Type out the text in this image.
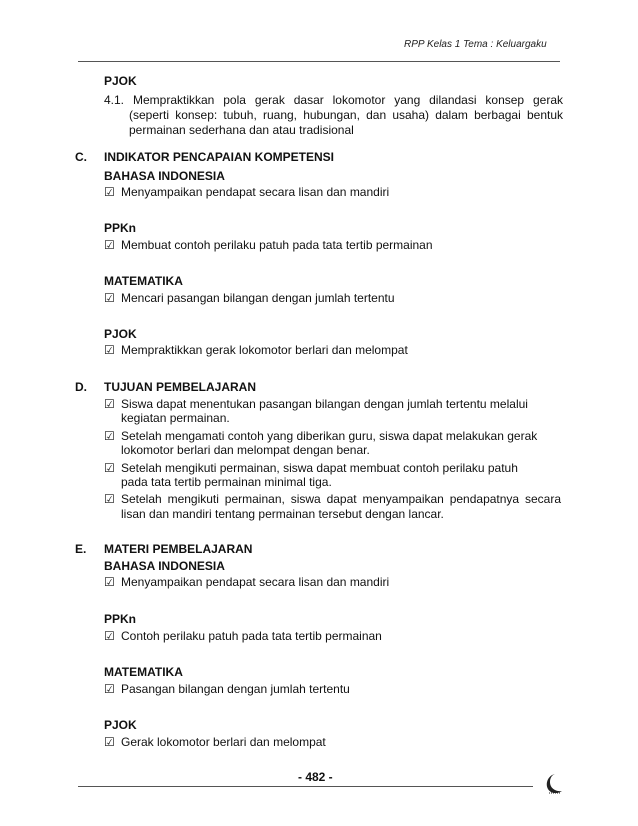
RPP Kelas 1 Tema : Keluargaku
PJOK
4.1. Mempraktikkan pola gerak dasar lokomotor yang dilandasi konsep gerak
(seperti konsep: tubuh, ruang, hubungan, dan usaha) dalam berbagai bentuk
permainan sederhana dan atau tradisional
C. INDIKATOR PENCAPAIAN KOMPETENSI
BAHASA INDONESIA
☑ Menyampaikan pendapat secara lisan dan mandiri
PPKn
☑ Membuat contoh perilaku patuh pada tata tertib permainan
MATEMATIKA
☑ Mencari pasangan bilangan dengan jumlah tertentu
PJOK
☑ Mempraktikkan gerak lokomotor berlari dan melompat
D. TUJUAN PEMBELAJARAN
☑ Siswa dapat menentukan pasangan bilangan dengan jumlah tertentu melalui
kegiatan permainan.
☑ Setelah mengamati contoh yang diberikan guru, siswa dapat melakukan gerak
lokomotor berlari dan melompat dengan benar.
☑ Setelah mengikuti permainan, siswa dapat membuat contoh perilaku patuh
pada tata tertib permainan minimal tiga.
☑ Setelah mengikuti permainan, siswa dapat menyampaikan pendapatnya secara
lisan dan mandiri tentang permainan tersebut dengan lancar.
E. MATERI PEMBELAJARAN
BAHASA INDONESIA
☑ Menyampaikan pendapat secara lisan dan mandiri
PPKn
☑ Contoh perilaku patuh pada tata tertib permainan
MATEMATIKA
☑ Pasangan bilangan dengan jumlah tertentu
PJOK
☑ Gerak lokomotor berlari dan melompat
- 482 -
